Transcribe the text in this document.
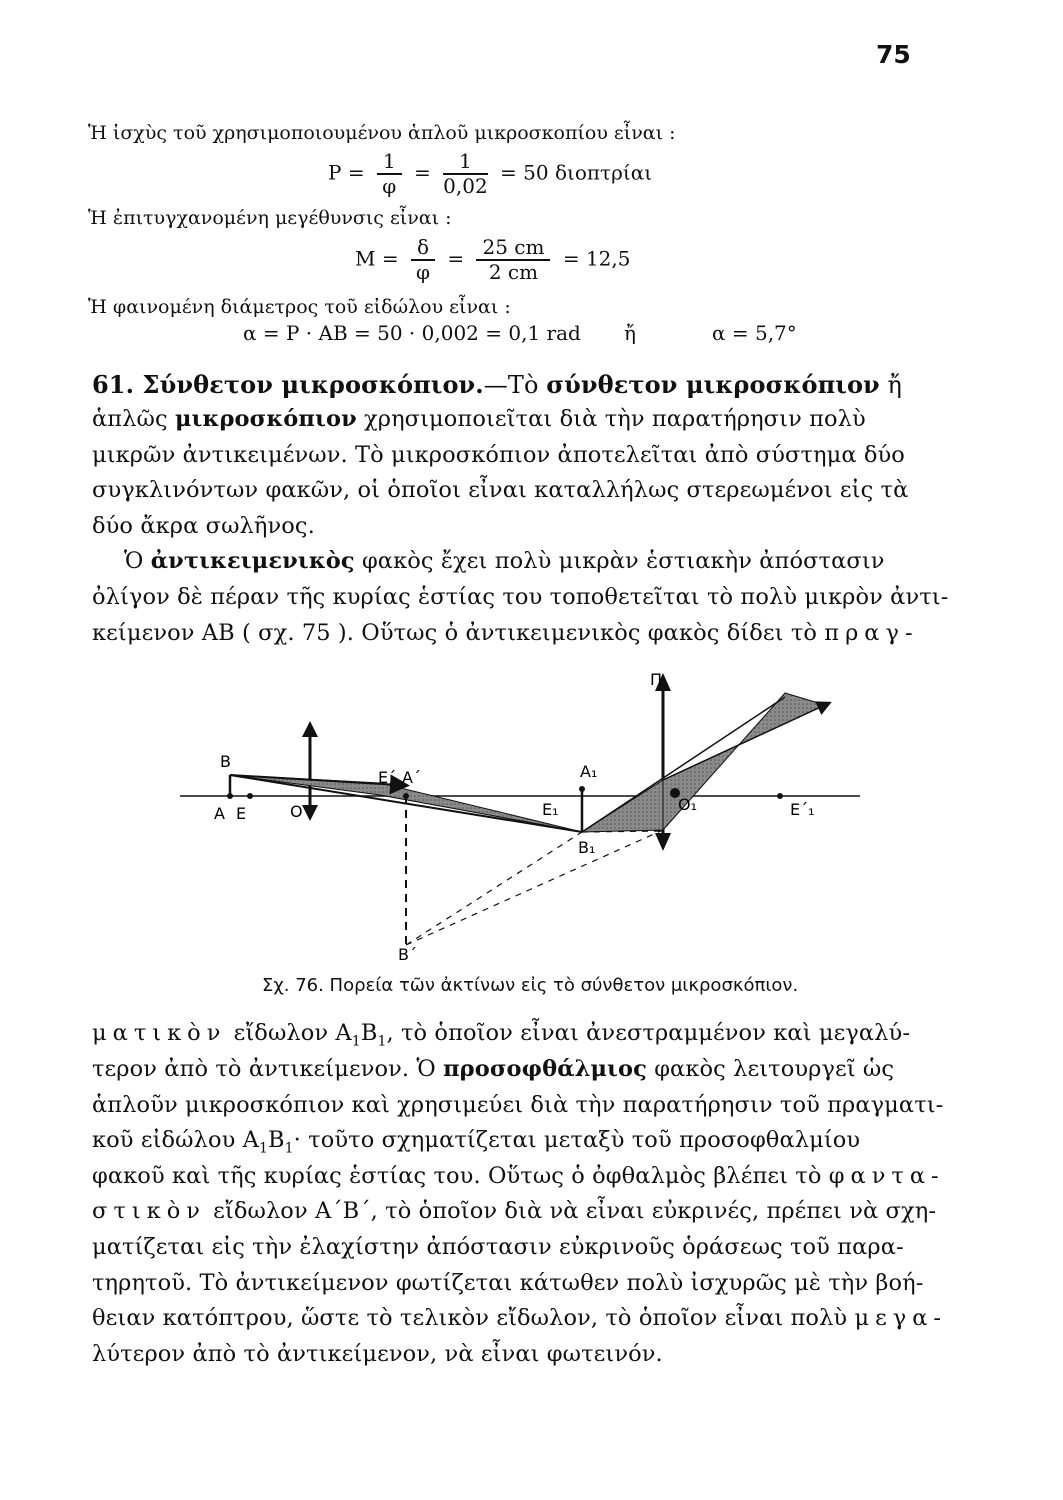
75
Ἡ ἰσχὺς τοῦ χρησιμοποιουμένου ἁπλοῦ μικροσκοπίου εἶναι :
$P = \frac{1}{\varphi} = \frac{1}{0,02} = 50$ διοπτρίαι
Ἡ ἐπιτυγχανομένη μεγέθυνσις εἶναι :
$M = \frac{\delta}{\varphi} = \frac{25 cm}{2 cm} = 12,5$
Ἡ φαινομένη διάμετρος τοῦ εἰδώλου εἶναι :
α = P · AB = 50 · 0,002 = 0,1 rad ἤ	α = 5,7°
61. Σύνθετον μικροσκόπιον.—Τὸ σύνθετον μικροσκόπιον ἤ
ἁπλῶς μικροσκόπιον χρησιμοποιεῖται διὰ τὴν παρατήρησιν πολὺ
μικρῶν ἀντικειμένων. Τὸ μικροσκόπιον ἀποτελεῖται ἀπὸ σύστημα δύο
συγκλινόντων φακῶν, οἱ ὁποῖοι εἶναι καταλλήλως στερεωμένοι εἰς τὰ
δύο ἄκρα σωλῆνος.
Ὁ ἀντικειμενικὸς φακὸς ἔχει πολὺ μικρὰν ἑστιακὴν ἀπόστασιν
ὀλίγον δὲ πέραν τῆς κυρίας ἑστίας του τοποθετεῖται τὸ πολὺ μικρὸν ἀντι-
κείμενον AB ( σχ. 75 ). Οὕτως ὁ ἀντικειμενικὸς φακὸς δίδει τὸ πραγ-
Π
B
A E	O
E΄ A΄	A₁
E₁
B₁
O₁	E΄₁
B΄
Σχ. 76. Πορεία τῶν ἀκτίνων εἰς τὸ σύνθετον μικροσκόπιον.
ματικὸν εἴδωλον $A_1B_1$, τὸ ὁποῖον εἶναι ἀνεστραμμένον καὶ μεγαλύ-
τερον ἀπὸ τὸ ἀντικείμενον. Ὁ προσοφθάλμιος φακὸς λειτουργεῖ ὡς
ἁπλοῦν μικροσκόπιον καὶ χρησιμεύει διὰ τὴν παρατήρησιν τοῦ πραγματι-
κοῦ εἰδώλου $A_1B_1\cdot$ τοῦτο σχηματίζεται μεταξὺ τοῦ προσοφθαλμίου
φακοῦ καὶ τῆς κυρίας ἑστίας του. Οὕτως ὁ ὀφθαλμὸς βλέπει τὸ φαντα-
στικὸν εἴδωλον A΄B΄, τὸ ὁποῖον διὰ νὰ εἶναι εὐκρινές, πρέπει νὰ σχη-
ματίζεται εἰς τὴν ἐλαχίστην ἀπόστασιν εὐκρινοῦς ὁράσεως τοῦ παρα-
τηρητοῦ. Τὸ ἀντικείμενον φωτίζεται κάτωθεν πολὺ ἰσχυρῶς μὲ τὴν βοή-
θειαν κατόπτρου, ὥστε τὸ τελικὸν εἴδωλον, τὸ ὁποῖον εἶναι πολὺ μεγα-
λύτερον ἀπὸ τὸ ἀντικείμενον, νὰ εἶναι φωτεινόν.
